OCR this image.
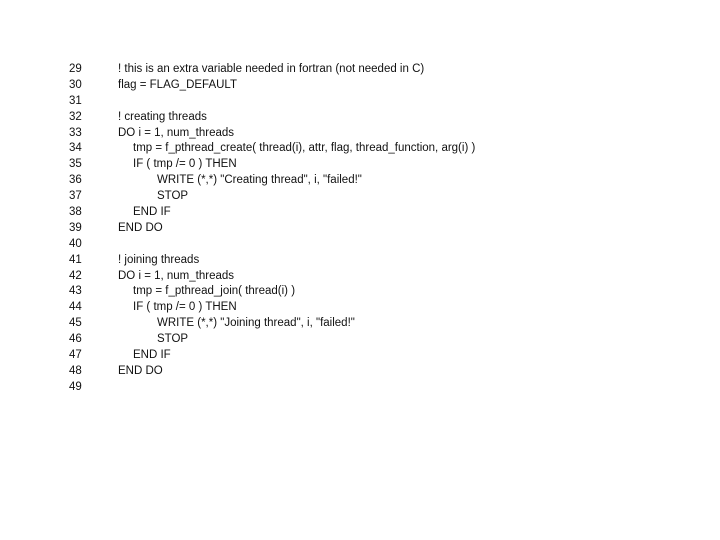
29	! this is an extra variable needed in fortran (not needed in C)
30	flag = FLAG_DEFAULT
31
32	! creating threads
33	DO i = 1, num_threads
34	tmp = f_pthread_create( thread(i), attr, flag, thread_function, arg(i) )
35	IF ( tmp /= 0 ) THEN
36	WRITE (*,*) "Creating thread", i, "failed!"
37	STOP
38	END IF
39	END DO
40
41	! joining threads
42	DO i = 1, num_threads
43	tmp = f_pthread_join( thread(i) )
44	IF ( tmp /= 0 ) THEN
45	WRITE (*,*) "Joining thread", i, "failed!"
46	STOP
47	END IF
48	END DO
49
